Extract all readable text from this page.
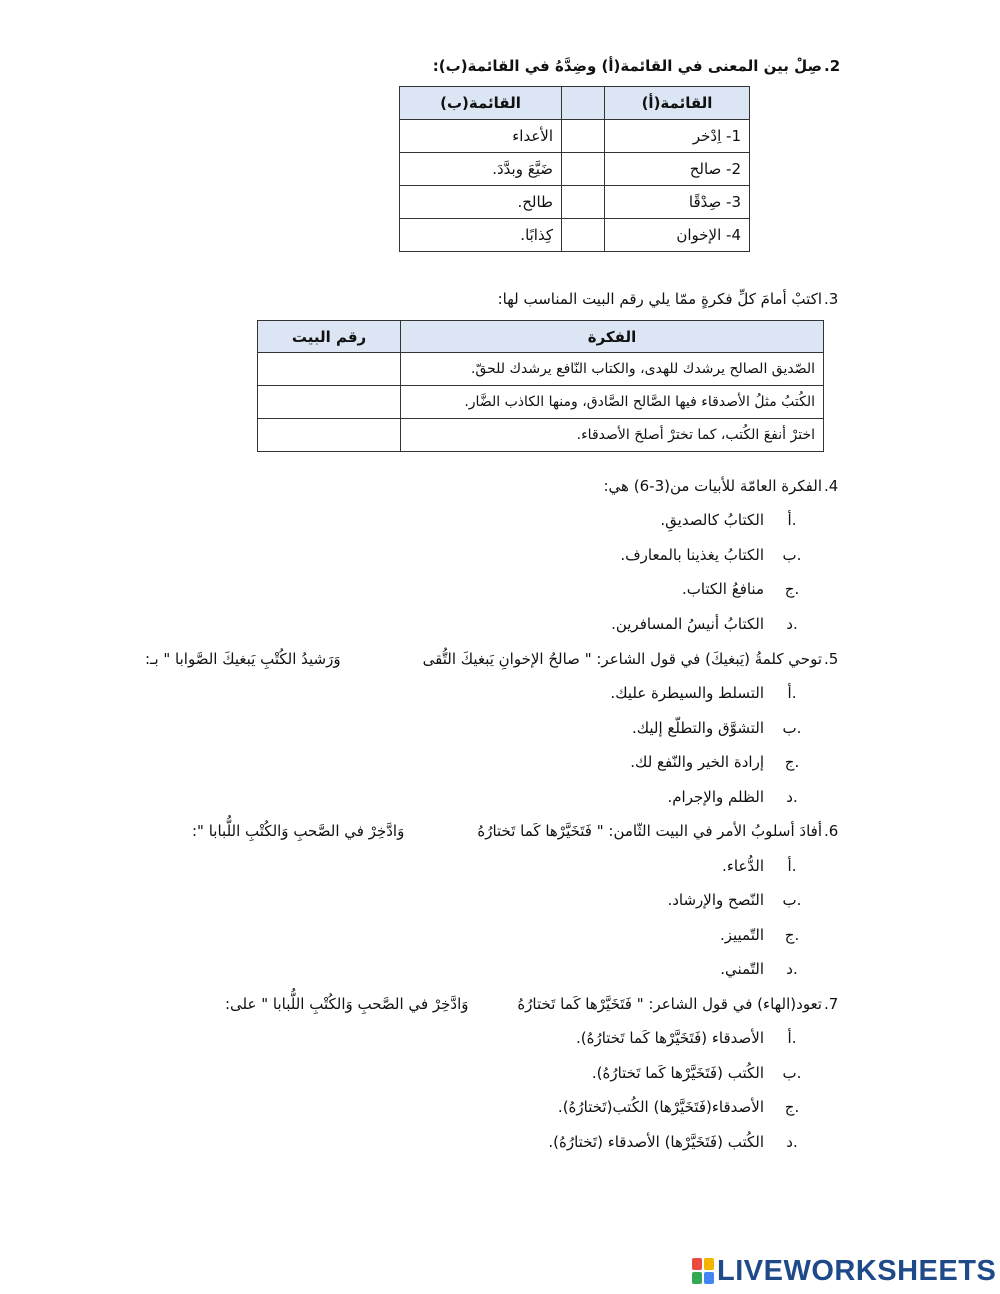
.2
صِلْ بين المعنى في القائمة(أ) وضِدَّهُ في القائمة(ب):
القائمة(أ)		القائمة(ب)
1- اِدْخر		الأعداء
2- صالح		ضَيَّعَ وبدَّدَ.
3- صِدْقًا		طالح.
4- الإخوان		كِذابًا.
.3
اكتبْ أمامَ كلِّ فكرةٍ ممّا يلي رقم البيت المناسب لها:
الفكرة	رقم البيت
الصّديق الصالح يرشدك للهدى، والكتاب النّافع يرشدك للحقّ.	
الكُتبُ مثلُ الأصدقاء فيها الصَّالح الصَّادق، ومنها الكاذب الضَّار.	
اخترْ أنفعَ الكُتب، كما تخترْ أصلحَ الأصدقاء.	
.4
الفكرة العامّة للأبيات من(3-6) هي:
أ.
الكتابُ كالصديقِ.
ب.
الكتابُ يغذينا بالمعارف.
ج.
منافعُ الكتاب.
د.
الكتابُ أنيسُ المسافرين.
.5
توحي كلمةُ (يَبغيكَ) في قول الشاعر: " صالحُ الإخوانِ يَبغيكَ التُّقى
وَرَشيدُ الكُتْبِ يَبغيكَ الصَّوابا " بـ:
أ.
التسلط والسيطرة عليك.
ب.
التشوَّق والتطلّع إليك.
ج.
إرادة الخير والنّفع لك.
د.
الظلم والإجرام.
.6
أفادَ أسلوبُ الأمر في البيت الثّامن: " فَتَخَيَّرْها كَما تَختارُهُ
وَادَّخِرْ في الصَّحبِ وَالكُتْبِ اللُّبابا ":
أ.
الدُّعاء.
ب.
النّصح والإرشاد.
ج.
التّمييز.
د.
التّمني.
.7
تعود(الهاء) في قول الشاعر: " فَتَخَيَّرْها كَما تَختارُهُ
وَادَّخِرْ في الصَّحبِ وَالكُتْبِ اللُّبابا " على:
أ.
الأصدقاء (فَتَخَيَّرْها كَما تَختارُهُ).
ب.
الكُتب (فَتَخَيَّرْها كَما تَختارُهُ).
ج.
الأصدقاء(فَتَخَيَّرْها) الكُتب(تَختارُهُ).
د.
الكُتب (فَتَخَيَّرْها) الأصدقاء (تَختارُهُ).
LIVEWORKSHEETS
